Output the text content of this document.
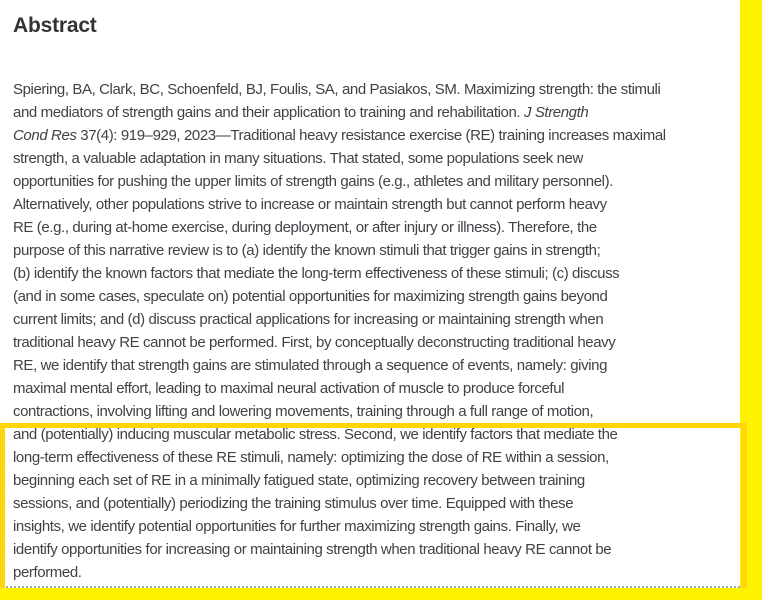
Abstract
Spiering, BA, Clark, BC, Schoenfeld, BJ, Foulis, SA, and Pasiakos, SM. Maximizing strength: the stimuli
and mediators of strength gains and their application to training and rehabilitation. J Strength
Cond Res 37(4): 919–929, 2023—Traditional heavy resistance exercise (RE) training increases maximal
strength, a valuable adaptation in many situations. That stated, some populations seek new
opportunities for pushing the upper limits of strength gains (e.g., athletes and military personnel).
Alternatively, other populations strive to increase or maintain strength but cannot perform heavy
RE (e.g., during at-home exercise, during deployment, or after injury or illness). Therefore, the
purpose of this narrative review is to (a) identify the known stimuli that trigger gains in strength;
(b) identify the known factors that mediate the long-term effectiveness of these stimuli; (c) discuss
(and in some cases, speculate on) potential opportunities for maximizing strength gains beyond
current limits; and (d) discuss practical applications for increasing or maintaining strength when
traditional heavy RE cannot be performed. First, by conceptually deconstructing traditional heavy
RE, we identify that strength gains are stimulated through a sequence of events, namely: giving
maximal mental effort, leading to maximal neural activation of muscle to produce forceful
contractions, involving lifting and lowering movements, training through a full range of motion,
and (potentially) inducing muscular metabolic stress. Second, we identify factors that mediate the
long-term effectiveness of these RE stimuli, namely: optimizing the dose of RE within a session,
beginning each set of RE in a minimally fatigued state, optimizing recovery between training
sessions, and (potentially) periodizing the training stimulus over time. Equipped with these
insights, we identify potential opportunities for further maximizing strength gains. Finally, we
identify opportunities for increasing or maintaining strength when traditional heavy RE cannot be
performed.
